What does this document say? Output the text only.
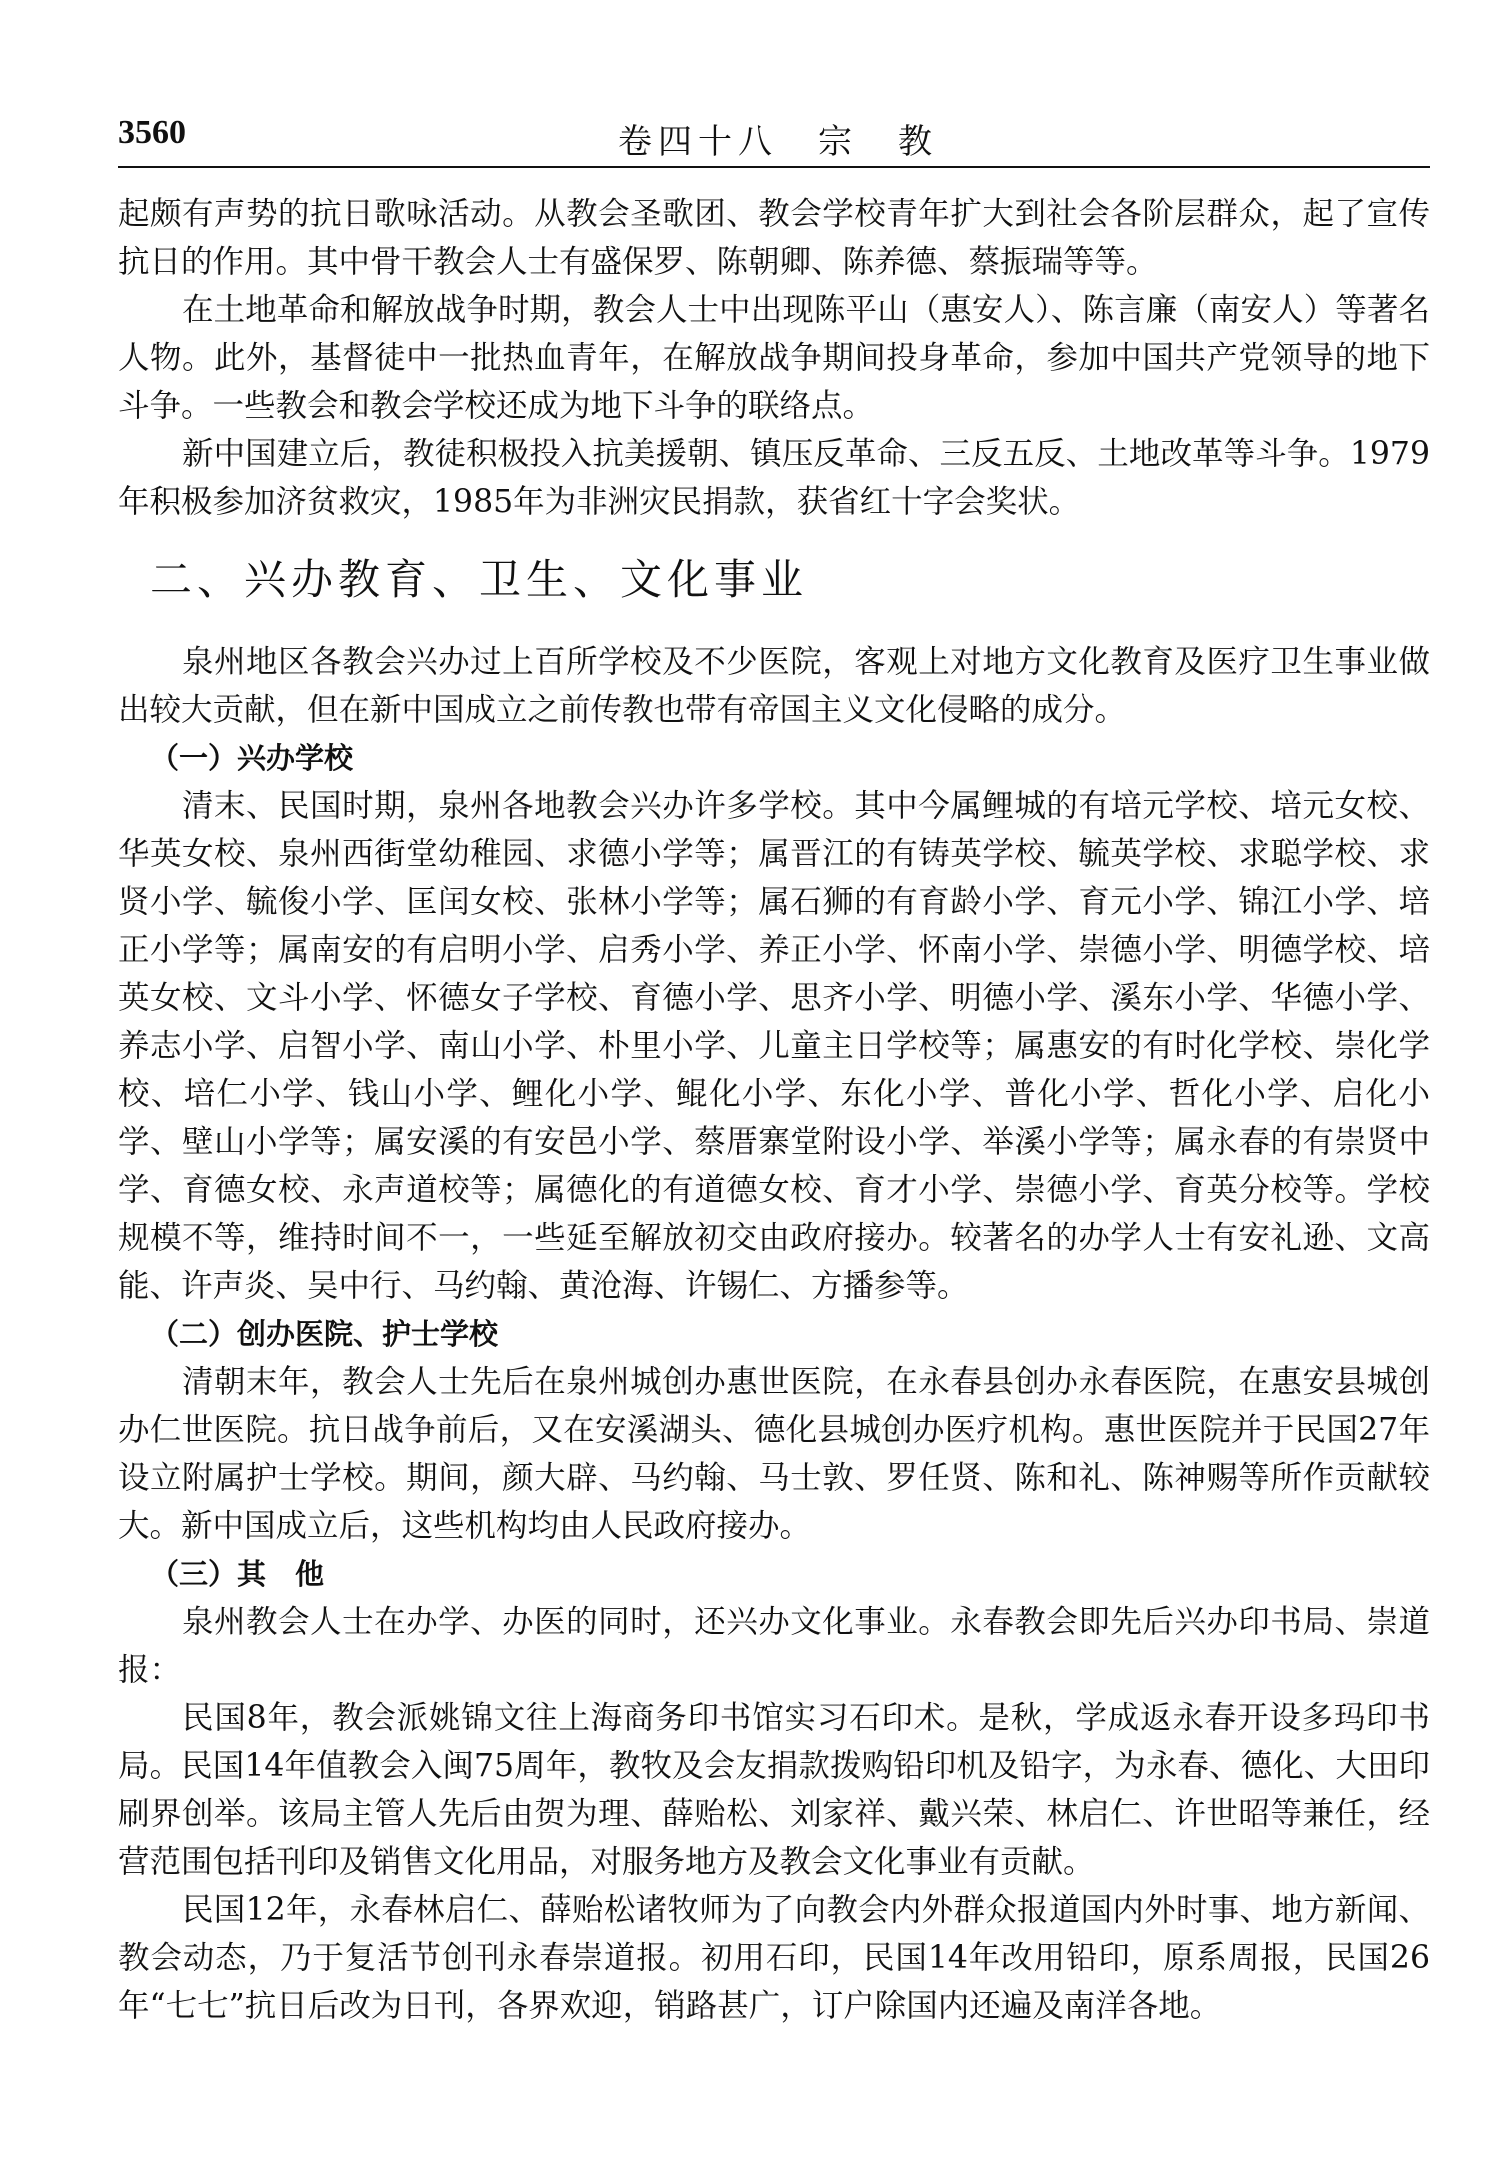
3560	卷四十八　宗　教

起颇有声势的抗日歌咏活动。从教会圣歌团、教会学校青年扩大到社会各阶层群众，起了宣传抗日的作用。其中骨干教会人士有盛保罗、陈朝卿、陈养德、蔡振瑞等等。

在土地革命和解放战争时期，教会人士中出现陈平山（惠安人）、陈言廉（南安人）等著名人物。此外，基督徒中一批热血青年，在解放战争期间投身革命，参加中国共产党领导的地下斗争。一些教会和教会学校还成为地下斗争的联络点。

新中国建立后，教徒积极投入抗美援朝、镇压反革命、三反五反、土地改革等斗争。1979年积极参加济贫救灾，1985年为非洲灾民捐款，获省红十字会奖状。

二、兴办教育、卫生、文化事业

泉州地区各教会兴办过上百所学校及不少医院，客观上对地方文化教育及医疗卫生事业做出较大贡献，但在新中国成立之前传教也带有帝国主义文化侵略的成分。

（一）兴办学校

清末、民国时期，泉州各地教会兴办许多学校。其中今属鲤城的有培元学校、培元女校、华英女校、泉州西街堂幼稚园、求德小学等；属晋江的有铸英学校、毓英学校、求聪学校、求贤小学、毓俊小学、匡闰女校、张林小学等；属石狮的有育龄小学、育元小学、锦江小学、培正小学等；属南安的有启明小学、启秀小学、养正小学、怀南小学、崇德小学、明德学校、培英女校、文斗小学、怀德女子学校、育德小学、思齐小学、明德小学、溪东小学、华德小学、养志小学、启智小学、南山小学、朴里小学、儿童主日学校等；属惠安的有时化学校、崇化学校、培仁小学、钱山小学、鲤化小学、鲲化小学、东化小学、普化小学、哲化小学、启化小学、壁山小学等；属安溪的有安邑小学、蔡厝寨堂附设小学、举溪小学等；属永春的有崇贤中学、育德女校、永声道校等；属德化的有道德女校、育才小学、崇德小学、育英分校等。学校规模不等，维持时间不一，一些延至解放初交由政府接办。较著名的办学人士有安礼逊、文高能、许声炎、吴中行、马约翰、黄沧海、许锡仁、方播参等。

（二）创办医院、护士学校

清朝末年，教会人士先后在泉州城创办惠世医院，在永春县创办永春医院，在惠安县城创办仁世医院。抗日战争前后，又在安溪湖头、德化县城创办医疗机构。惠世医院并于民国27年设立附属护士学校。期间，颜大辟、马约翰、马士敦、罗任贤、陈和礼、陈神赐等所作贡献较大。新中国成立后，这些机构均由人民政府接办。

（三）其　他

泉州教会人士在办学、办医的同时，还兴办文化事业。永春教会即先后兴办印书局、崇道报：

民国8年，教会派姚锦文往上海商务印书馆实习石印术。是秋，学成返永春开设多玛印书局。民国14年值教会入闽75周年，教牧及会友捐款拨购铅印机及铅字，为永春、德化、大田印刷界创举。该局主管人先后由贺为理、薛贻松、刘家祥、戴兴荣、林启仁、许世昭等兼任，经营范围包括刊印及销售文化用品，对服务地方及教会文化事业有贡献。

民国12年，永春林启仁、薛贻松诸牧师为了向教会内外群众报道国内外时事、地方新闻、教会动态，乃于复活节创刊永春崇道报。初用石印，民国14年改用铅印，原系周报，民国26年“七七”抗日后改为日刊，各界欢迎，销路甚广，订户除国内还遍及南洋各地。
